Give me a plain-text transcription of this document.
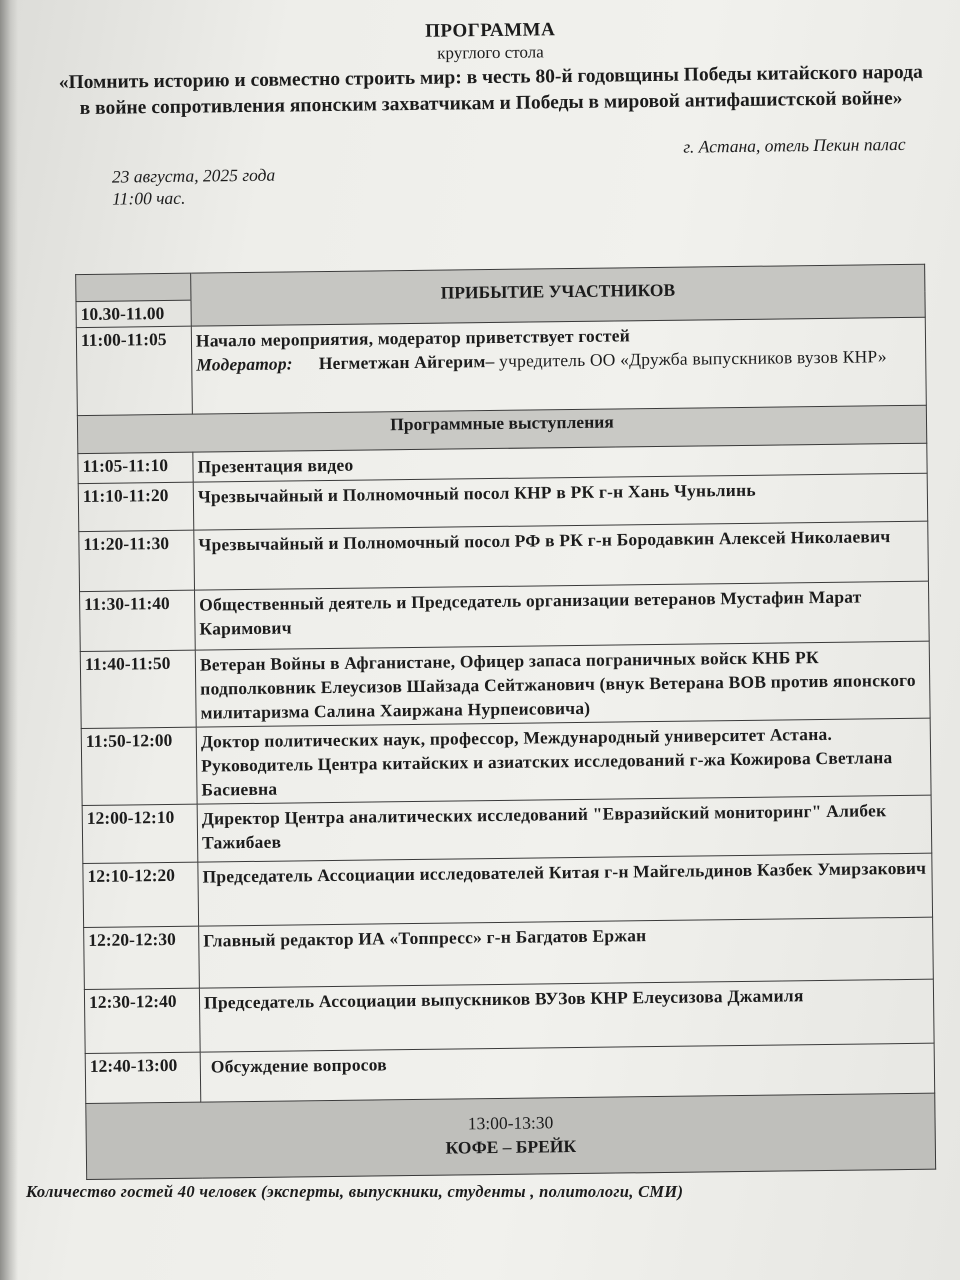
ПРОГРАММА
круглого стола
«Помнить историю и совместно строить мир: в честь 80-й годовщины Победы китайского народа в войне сопротивления японским захватчикам и Победы в мировой антифашистской войне»
г. Астана, отель Пекин палас
23 августа, 2025 года
11:00 час.
	ПРИБЫТИЕ УЧАСТНИКОВ
10.30-11.00	
11:00-11:05	Начало мероприятия, модератор приветствует гостей
Модератор: Негметжан Айгерим– учредитель ОО «Дружба выпускников вузов КНР»

Программные выступления	
11:05-11:10	Презентация видео
11:10-11:20	Чрезвычайный и Полномочный посол КНР в РК г-н Хань Чуньлинь
11:20-11:30	Чрезвычайный и Полномочный посол РФ в РК г-н Бородавкин Алексей Николаевич
11:30-11:40	Общественный деятель и Председатель организации ветеранов Мустафин Марат Каримович
11:40-11:50	Ветеран Войны в Афганистане, Офицер запаса пограничных войск КНБ РК подполковник Елеусизов Шайзада Сейтжанович (внук Ветерана ВОВ против японского милитаризма Салина Хаиржана Нурпеисовича)
11:50-12:00	Доктор политических наук, профессор, Международный университет Астана. Руководитель Центра китайских и азиатских исследований г-жа Кожирова Светлана Басиевна
12:00-12:10	Директор Центра аналитических исследований "Евразийский мониторинг" Алибек Тажибаев
12:10-12:20	Председатель Ассоциации исследователей Китая г-н Майгельдинов Казбек Умирзакович
12:20-12:30	Главный редактор ИА «Топпресс» г-н Багдатов Ержан
12:30-12:40	Председатель Ассоциации выпускников ВУЗов КНР Елеусизова Джамиля
12:40-13:00	Обсуждение вопросов

13:00-13:30
КОФЕ – БРЕЙК	
Количество гостей 40 человек (эксперты, выпускники, студенты , политологи, СМИ)
